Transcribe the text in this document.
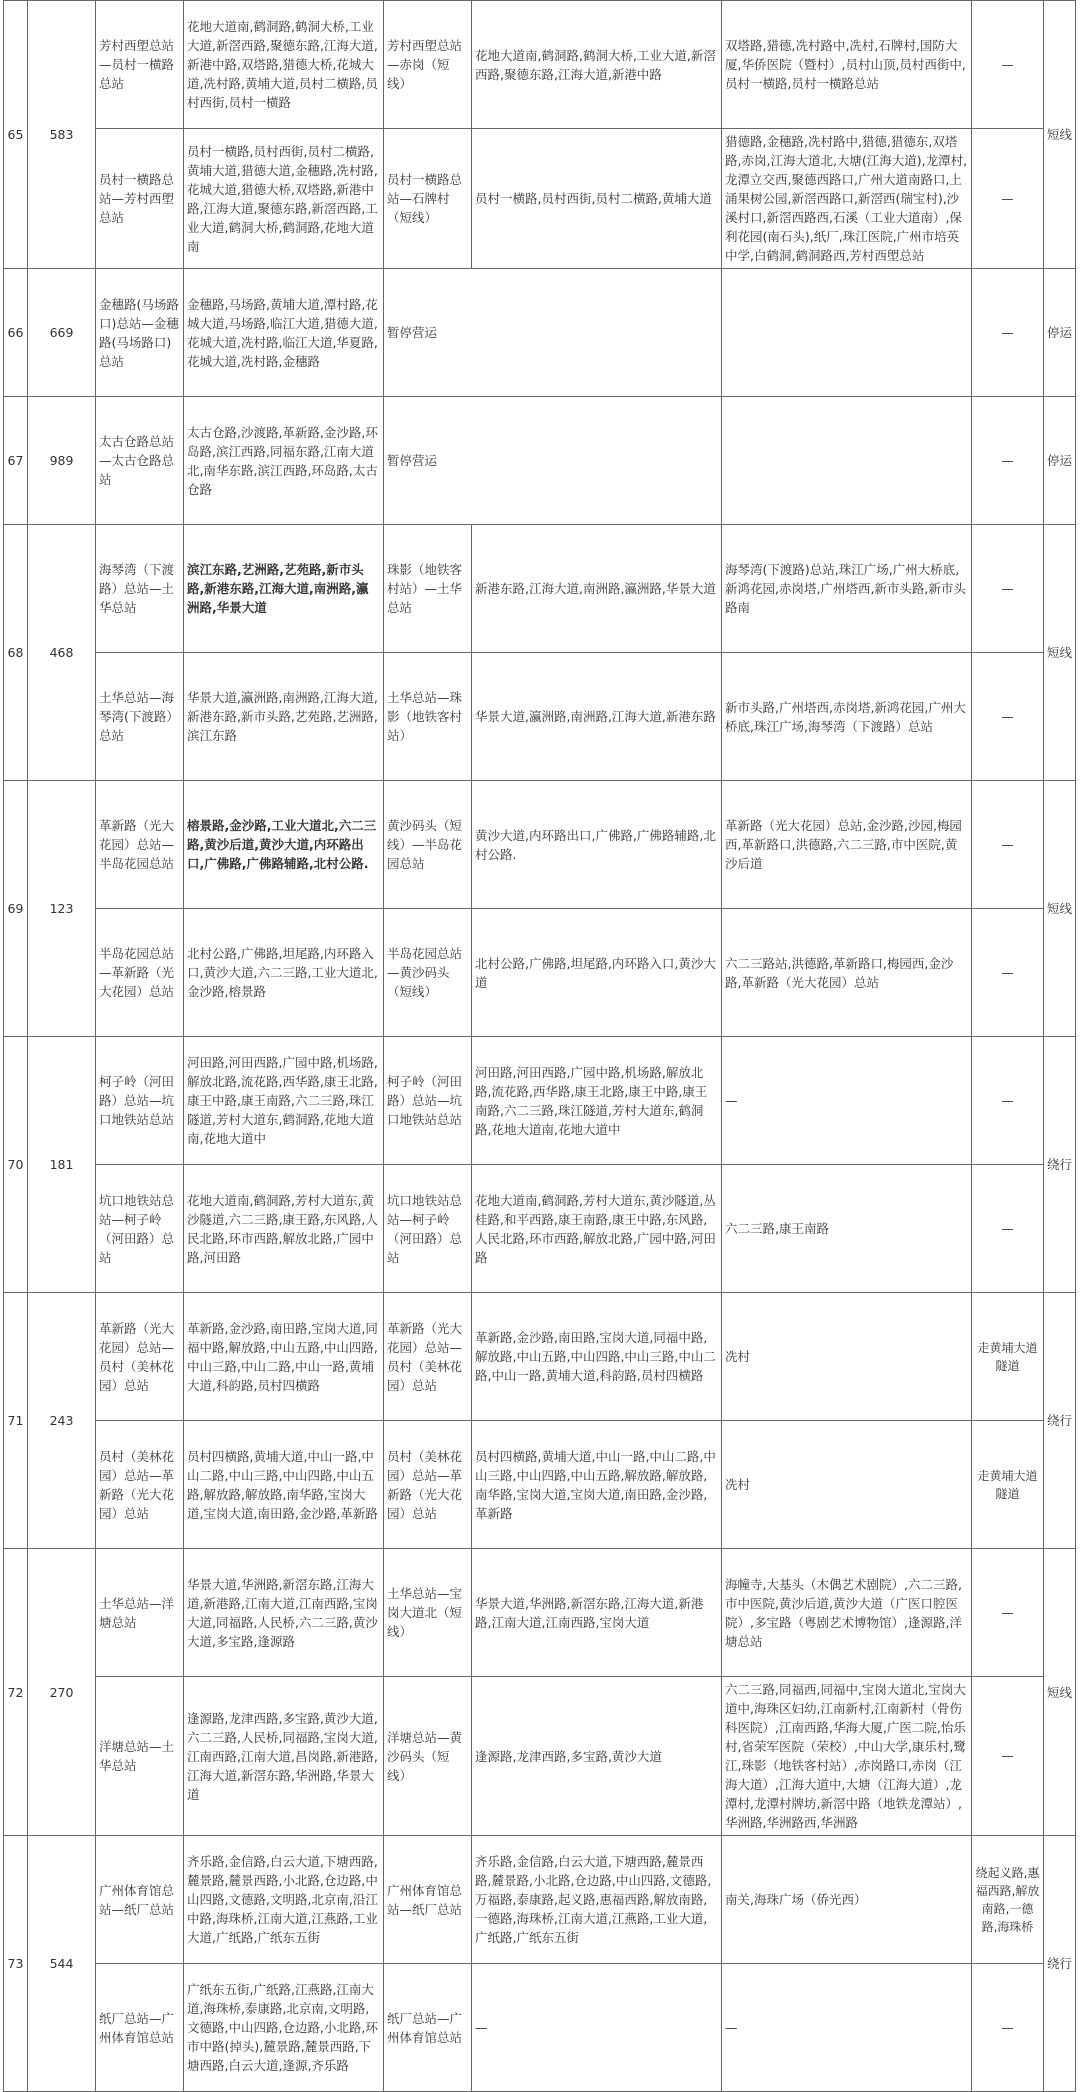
65	583	芳村西塱总站—员村一横路总站	花地大道南,鹤洞路,鹤洞大桥,工业大道,新滘西路,聚德东路,江海大道,新港中路,双塔路,猎德大桥,花城大道,冼村路,黄埔大道,员村二横路,员村西街,员村一横路	芳村西塱总站—赤岗（短线）	花地大道南,鹤洞路,鹤洞大桥,工业大道,新滘西路,聚德东路,江海大道,新港中路	双塔路,猎德,冼村路中,冼村,石牌村,国防大厦,华侨医院（暨村）,员村山顶,员村西街中,员村一横路,员村一横路总站	—	短线
		员村一横路总站—芳村西塱总站	员村一横路,员村西街,员村二横路,黄埔大道,猎德大道,金穗路,冼村路,花城大道,猎德大桥,双塔路,新港中路,江海大道,聚德东路,新滘西路,工业大道,鹤洞大桥,鹤洞路,花地大道南	员村一横路总站—石牌村（短线）	员村一横路,员村西街,员村二横路,黄埔大道	猎德路,金穗路,冼村路中,猎德,猎德东,双塔路,赤岗,江海大道北,大塘(江海大道),龙潭村,龙潭立交西,聚德西路口,广州大道南路口,上涌果树公园,新滘西路口,新滘西(瑞宝村),沙溪村口,新滘西路西,石溪（工业大道南）,保利花园(南石头),纸厂,珠江医院,广州市培英中学,白鹤洞,鹤洞路西,芳村西塱总站	—	
66	669	金穗路(马场路口)总站—金穗路(马场路口)总站	金穗路,马场路,黄埔大道,潭村路,花城大道,马场路,临江大道,猎德大道,花城大道,冼村路,临江大道,华夏路,花城大道,冼村路,金穗路	暂停营运			—	停运
67	989	太古仓路总站—太古仓路总站	太古仓路,沙渡路,革新路,金沙路,环岛路,滨江西路,同福东路,江南大道北,南华东路,滨江西路,环岛路,太古仓路	暂停营运			—	停运
68	468	海琴湾（下渡路）总站—土华总站	滨江东路,艺洲路,艺苑路,新市头路,新港东路,江海大道,南洲路,瀛洲路,华景大道	珠影（地铁客村站）—土华总站	新港东路,江海大道,南洲路,瀛洲路,华景大道	海琴湾(下渡路)总站,珠江广场,广州大桥底,新鸿花园,赤岗塔,广州塔西,新市头路,新市头路南	—	短线
		土华总站—海琴湾(下渡路）总站	华景大道,瀛洲路,南洲路,江海大道,新港东路,新市头路,艺苑路,艺洲路,滨江东路	土华总站—珠影（地铁客村站）	华景大道,瀛洲路,南洲路,江海大道,新港东路	新市头路,广州塔西,赤岗塔,新鸿花园,广州大桥底,珠江广场,海琴湾（下渡路）总站	—	
69	123	革新路（光大花园）总站—半岛花园总站	榕景路,金沙路,工业大道北,六二三路,黄沙后道,黄沙大道,内环路出口,广佛路,广佛路辅路,北村公路.	黄沙码头（短线）—半岛花园总站	黄沙大道,内环路出口,广佛路,广佛路辅路,北村公路.	革新路（光大花园）总站,金沙路,沙园,梅园西,革新路口,洪德路,六二三路,市中医院,黄沙后道	—	短线
		半岛花园总站—革新路（光大花园）总站	北村公路,广佛路,坦尾路,内环路入口,黄沙大道,六二三路,工业大道北,金沙路,榕景路	半岛花园总站—黄沙码头（短线）	北村公路,广佛路,坦尾路,内环路入口,黄沙大道	六二三路站,洪德路,革新路口,梅园西,金沙路,革新路（光大花园）总站	—	
70	181	柯子岭（河田路）总站—坑口地铁站总站	河田路,河田西路,广园中路,机场路,解放北路,流花路,西华路,康王北路,康王中路,康王南路,六二三路,珠江隧道,芳村大道东,鹤洞路,花地大道南,花地大道中	柯子岭（河田路）总站—坑口地铁站总站	河田路,河田西路,广园中路,机场路,解放北路,流花路,西华路,康王北路,康王中路,康王南路,六二三路,珠江隧道,芳村大道东,鹤洞路,花地大道南,花地大道中	—	—	绕行
		坑口地铁站总站—柯子岭（河田路）总站	花地大道南,鹤洞路,芳村大道东,黄沙隧道,六二三路,康王路,东风路,人民北路,环市西路,解放北路,广园中路,河田路	坑口地铁站总站—柯子岭（河田路）总站	花地大道南,鹤洞路,芳村大道东,黄沙隧道,丛桂路,和平西路,康王南路,康王中路,东风路,人民北路,环市西路,解放北路,广园中路,河田路	六二三路,康王南路	—	
71	243	革新路（光大花园）总站—员村（美林花园）总站	革新路,金沙路,南田路,宝岗大道,同福中路,解放路,中山五路,中山四路,中山三路,中山二路,中山一路,黄埔大道,科韵路,员村四横路	革新路（光大花园）总站—员村（美林花园）总站	革新路,金沙路,南田路,宝岗大道,同福中路,解放路,中山五路,中山四路,中山三路,中山二路,中山一路,黄埔大道,科韵路,员村四横路	冼村	走黄埔大道隧道	绕行
		员村（美林花园）总站—革新路（光大花园）总站	员村四横路,黄埔大道,中山一路,中山二路,中山三路,中山四路,中山五路,解放路,解放路,南华路,宝岗大道,宝岗大道,南田路,金沙路,革新路	员村（美林花园）总站—革新路（光大花园）总站	员村四横路,黄埔大道,中山一路,中山二路,中山三路,中山四路,中山五路,解放路,解放路,南华路,宝岗大道,宝岗大道,南田路,金沙路,革新路	冼村	走黄埔大道隧道	
72	270	土华总站—洋塘总站	华景大道,华洲路,新滘东路,江海大道,新港路,江南大道,江南西路,宝岗大道,同福路,人民桥,六二三路,黄沙大道,多宝路,逢源路	土华总站—宝岗大道北（短线）	华景大道,华洲路,新滘东路,江海大道,新港路,江南大道,江南西路,宝岗大道	海幢寺,大基头（木偶艺术剧院）,六二三路,市中医院,黄沙后道,黄沙大道（广医口腔医院）,多宝路（粤剧艺术博物馆）,逢源路,洋塘总站	—	短线
		洋塘总站—土华总站	逢源路,龙津西路,多宝路,黄沙大道,六二三路,人民桥,同福路,宝岗大道,江南西路,江南大道,昌岗路,新港路,江海大道,新滘东路,华洲路,华景大道	洋塘总站—黄沙码头（短线）	逢源路,龙津西路,多宝路,黄沙大道	六二三路,同福西,同福中,宝岗大道北,宝岗大道中,海珠区妇幼,江南新村,江南新村（骨伤科医院）,江南西路,华海大厦,广医二院,怡乐村,省荣军医院（荣校）,中山大学,康乐村,鹭江,珠影（地铁客村站）,赤岗路口,赤岗（江海大道）,江海大道中,大塘（江海大道）,龙潭村,龙潭村牌坊,新滘中路（地铁龙潭站）,华洲路,华洲路西,华洲路	—	
73	544	广州体育馆总站—纸厂总站	齐乐路,金信路,白云大道,下塘西路,麓景路,麓景西路,小北路,仓边路,中山四路,文德路,文明路,北京南,沿江中路,海珠桥,江南大道,江燕路,工业大道,广纸路,广纸东五街	广州体育馆总站—纸厂总站	齐乐路,金信路,白云大道,下塘西路,麓景西路,麓景路,小北路,仓边路,中山四路,文德路,万福路,泰康路,起义路,惠福西路,解放南路,一德路,海珠桥,江南大道,江燕路,工业大道,广纸路,广纸东五街	南关,海珠广场（侨光西）	绕起义路,惠福西路,解放南路,一德路,海珠桥	绕行
		纸厂总站—广州体育馆总站	广纸东五街,广纸路,江燕路,江南大道,海珠桥,泰康路,北京南,文明路,文德路,中山四路,仓边路,小北路,环市中路(掉头),麓景路,麓景西路,下塘西路,白云大道,逢源,齐乐路	纸厂总站—广州体育馆总站	—	—	—	
